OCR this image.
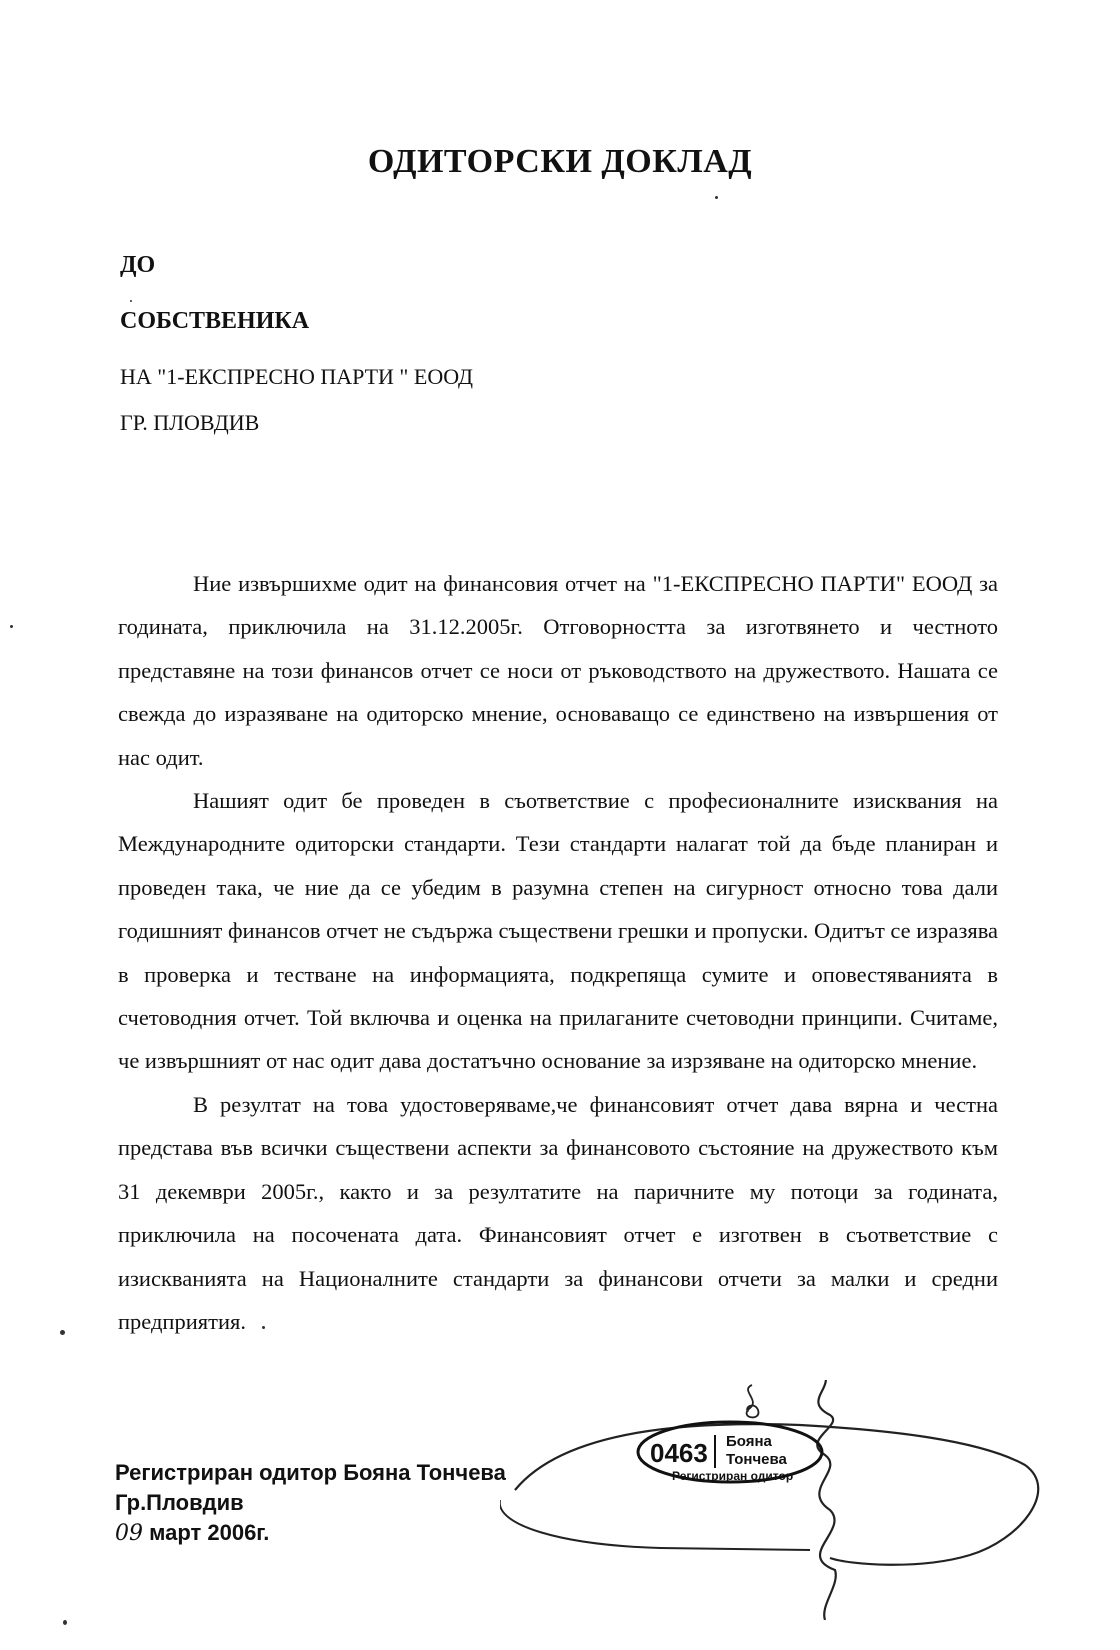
ОДИТОРСКИ ДОКЛАД
ДО
СОБСТВЕНИКА
НА "1-ЕКСПРЕСНО ПАРТИ " ЕООД
ГР. ПЛОВДИВ

Ние извършихме одит на финансовия отчет на "1-ЕКСПРЕСНО ПАРТИ" ЕООД за годината, приключила на 31.12.2005г. Отговорността за изготвянето и честното представяне на този финансов отчет се носи от ръководството на дружеството. Нашата се свежда до изразяване на одиторско мнение, основаващо се единствено на извършения от нас одит.

Нашият одит бе проведен в съответствие с професионалните изисквания на Международните одиторски стандарти. Тези стандарти налагат той да бъде планиран и проведен така, че ние да се убедим в разумна степен на сигурност относно това дали годишният финансов отчет не съдържа съществени грешки и пропуски. Одитът се изразява в проверка и тестване на информацията, подкрепяща сумите и оповестяванията в счетоводния отчет. Той включва и оценка на прилаганите счетоводни принципи. Считаме, че извършният от нас одит дава достатъчно основание за изрзяване на одиторско мнение.

В резултат на това удостоверяваме,че финансовият отчет дава вярна и честна представа във всички съществени аспекти за финансовото състояние на дружеството към 31 декември 2005г., както и за резултатите на паричните му потоци за годината, приключила на посочената дата. Финансовият отчет е изготвен в съответствие с изискванията на Националните стандарти за финансови отчети за малки и средни предприятия.

Регистриран одитор Бояна Тончева
Гр.Пловдив
09 март 2006г.
0463 Бояна
Тончева
Регистриран одитор
